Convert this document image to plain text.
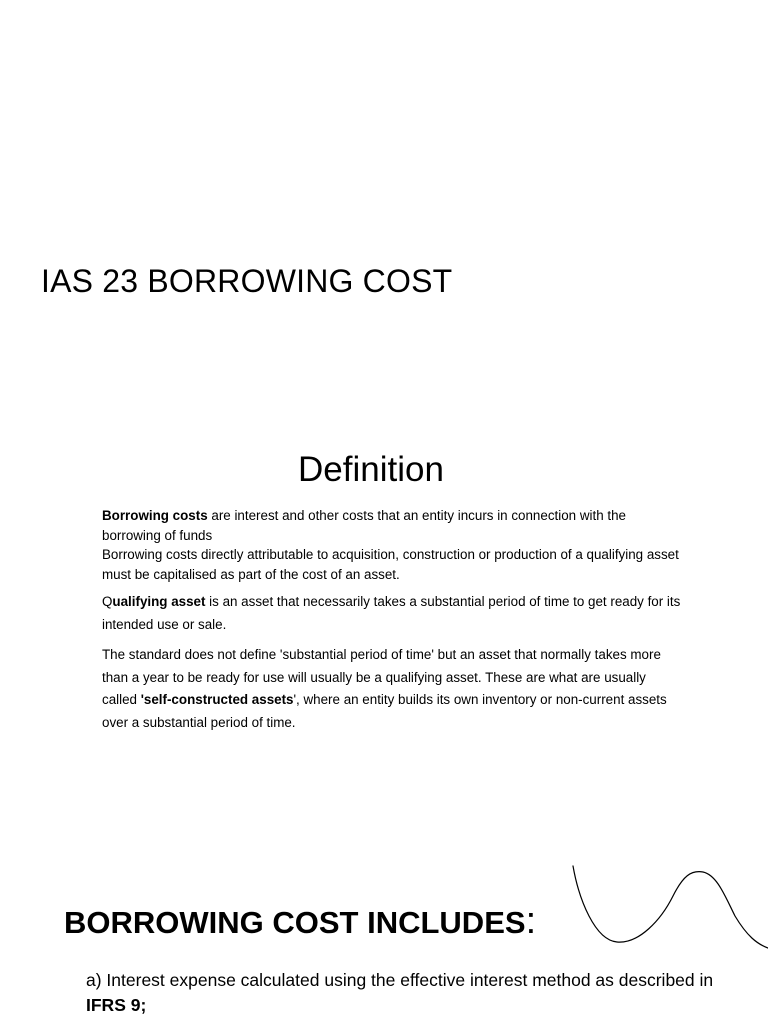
IAS 23 BORROWING COST
Definition

Borrowing costs are interest and other costs that an entity incurs in connection with the borrowing of funds
Borrowing costs directly attributable to acquisition, construction or production of a qualifying asset must be capitalised as part of the cost of an asset.

Qualifying asset is an asset that necessarily takes a substantial period of time to get ready for its intended use or sale.

The standard does not define 'substantial period of time' but an asset that normally takes more than a year to be ready for use will usually be a qualifying asset. These are what are usually called 'self-constructed assets', where an entity builds its own inventory or non-current assets over a substantial period of time.

BORROWING COST INCLUDES:

a) Interest expense calculated using the effective interest method as described in IFRS 9;
